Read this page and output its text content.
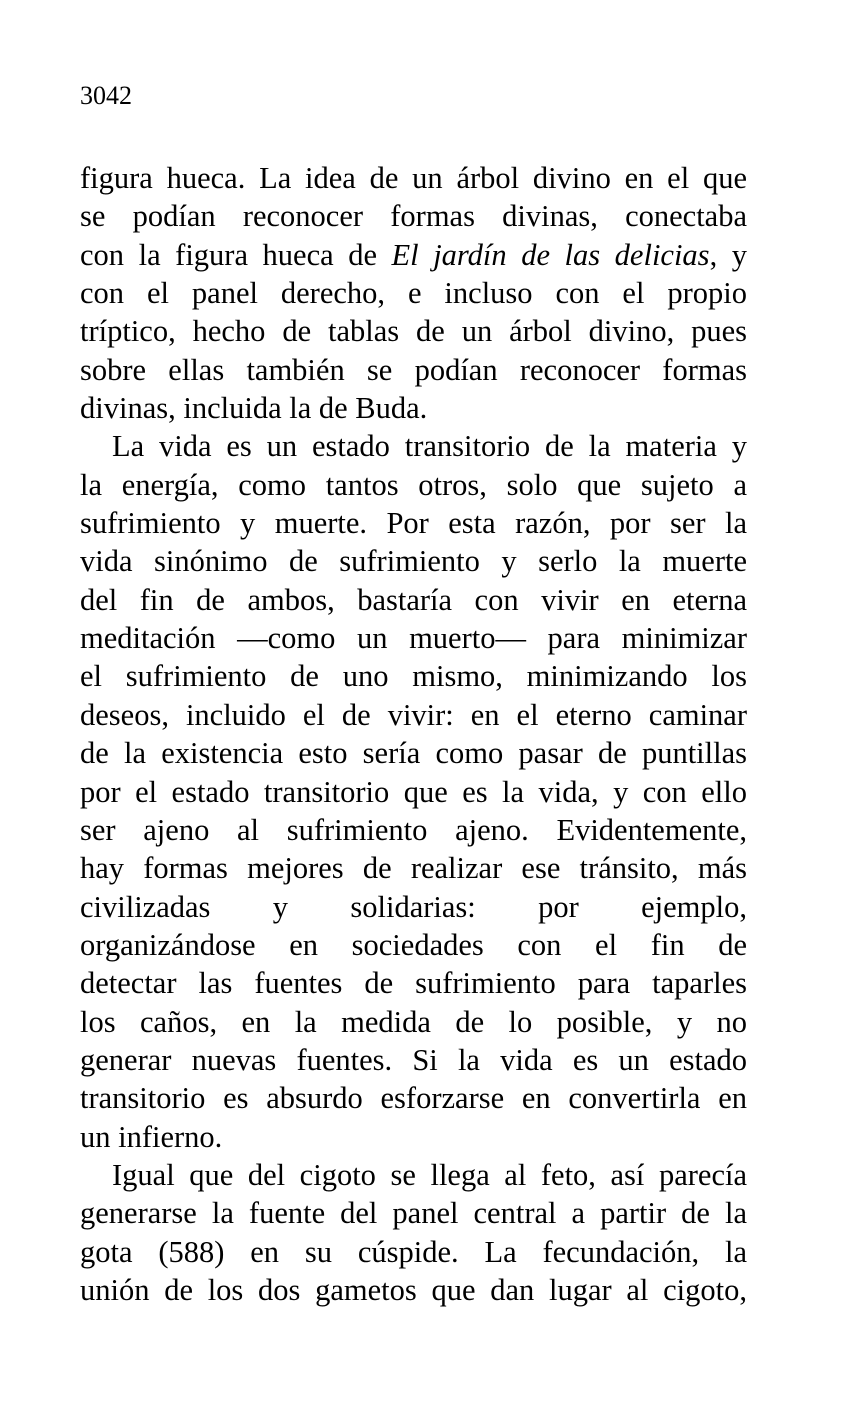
3042
figura hueca. La idea de un árbol divino en el que
se podían reconocer formas divinas, conectaba
con la figura hueca de El jardín de las delicias, y
con el panel derecho, e incluso con el propio
tríptico, hecho de tablas de un árbol divino, pues
sobre ellas también se podían reconocer formas
divinas, incluida la de Buda.
La vida es un estado transitorio de la materia y
la energía, como tantos otros, solo que sujeto a
sufrimiento y muerte. Por esta razón, por ser la
vida sinónimo de sufrimiento y serlo la muerte
del fin de ambos, bastaría con vivir en eterna
meditación —como un muerto— para minimizar
el sufrimiento de uno mismo, minimizando los
deseos, incluido el de vivir: en el eterno caminar
de la existencia esto sería como pasar de puntillas
por el estado transitorio que es la vida, y con ello
ser ajeno al sufrimiento ajeno. Evidentemente,
hay formas mejores de realizar ese tránsito, más
civilizadas y solidarias: por ejemplo,
organizándose en sociedades con el fin de
detectar las fuentes de sufrimiento para taparles
los caños, en la medida de lo posible, y no
generar nuevas fuentes. Si la vida es un estado
transitorio es absurdo esforzarse en convertirla en
un infierno.
Igual que del cigoto se llega al feto, así parecía
generarse la fuente del panel central a partir de la
gota (588) en su cúspide. La fecundación, la
unión de los dos gametos que dan lugar al cigoto,
